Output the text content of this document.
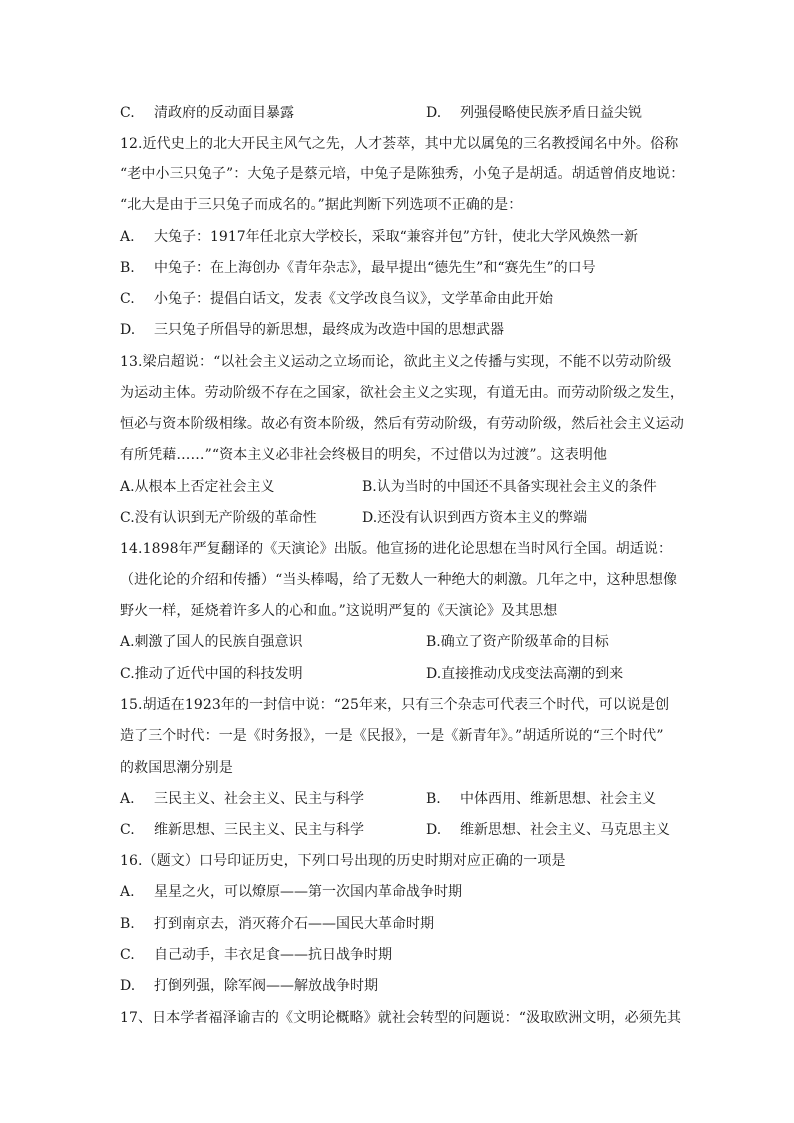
C. 清政府的反动面目暴露	D. 列强侵略使民族矛盾日益尖锐
12.近代史上的北大开民主风气之先，人才荟萃，其中尤以属兔的三名教授闻名中外。俗称
“老中小三只兔子”：大兔子是蔡元培，中兔子是陈独秀，小兔子是胡适。胡适曾俏皮地说：
“北大是由于三只兔子而成名的。”据此判断下列选项不正确的是：
A. 大兔子：1917年任北京大学校长，采取“兼容并包”方针，使北大学风焕然一新
B. 中兔子：在上海创办《青年杂志》，最早提出“德先生”和“赛先生”的口号
C. 小兔子：提倡白话文，发表《文学改良刍议》，文学革命由此开始
D. 三只兔子所倡导的新思想，最终成为改造中国的思想武器
13.梁启超说：“以社会主义运动之立场而论，欲此主义之传播与实现，不能不以劳动阶级
为运动主体。劳动阶级不存在之国家，欲社会主义之实现，有道无由。而劳动阶级之发生，
恒必与资本阶级相缘。故必有资本阶级，然后有劳动阶级，有劳动阶级，然后社会主义运动
有所凭藉……”“资本主义必非社会终极目的明矣，不过借以为过渡”。这表明他
A.从根本上否定社会主义	B.认为当时的中国还不具备实现社会主义的条件
C.没有认识到无产阶级的革命性	D.还没有认识到西方资本主义的弊端
14.1898年严复翻译的《天演论》出版。他宣扬的进化论思想在当时风行全国。胡适说：
（进化论的介绍和传播）“当头棒喝，给了无数人一种绝大的刺激。几年之中，这种思想像
野火一样，延烧着许多人的心和血。”这说明严复的《天演论》及其思想
A.刺激了国人的民族自强意识	B.确立了资产阶级革命的目标
C.推动了近代中国的科技发明	D.直接推动戊戌变法高潮的到来
15.胡适在1923年的一封信中说：“25年来，只有三个杂志可代表三个时代，可以说是创
造了三个时代：一是《时务报》，一是《民报》，一是《新青年》。”胡适所说的“三个时代”
的救国思潮分别是
A. 三民主义、社会主义、民主与科学	B. 中体西用、维新思想、社会主义
C. 维新思想、三民主义、民主与科学	D. 维新思想、社会主义、马克思主义
16.（题文）口号印证历史，下列口号出现的历史时期对应正确的一项是
A. 星星之火，可以燎原——第一次国内革命战争时期
B. 打到南京去，消灭蒋介石——国民大革命时期
C. 自己动手，丰衣足食——抗日战争时期
D. 打倒列强，除军阀——解放战争时期
17、日本学者福泽谕吉的《文明论概略》就社会转型的问题说：“汲取欧洲文明，必须先其
